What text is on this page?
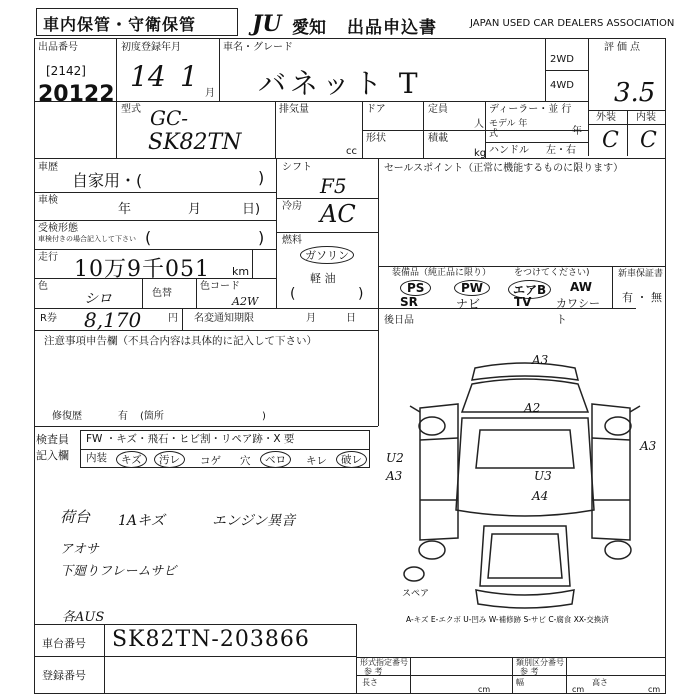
車内保管・守衛保管	JU 愛知 出品申込書	JAPAN USED CAR DEALERS ASSOCIATION
出品番号
[2142]
20122
初度登録年月
14 1
月
車名・グレード
バネット T
2WD
4WD
評価点
3.5
外装 内装
C C
型式 GC-
SK82TN
排気量
cc
ドア
形状
定員
人
積載
kg
ディーラー・並 行
モデル 年式	年
ハンドル 左・右
車歴
自家用・(	)
車検
年	月	日)
受検形態
車検付きの場合記入して下さい (	)
走行 10万9千051 km
色
シロ	色替
色コード
A2W
シフト
F5
冷房 AC
燃料
ガソリン
軽 油
(	)
セールスポイント（正常に機能するものに限ります）
装備品（純正品に限り）	をつけてください)
PS	PW	エアB	AW
SR	ナビ	TV カワシート
新車保証書
有 ・ 無
R券 8,170	円 名変通知期限	月	日	後日品
注意事項申告欄（不具合内容は具体的に記入して下さい）
修復歴	有 (箇所	)
検査員
記入欄
FW ・キズ・飛石・ヒビ割・リペア跡・X 要
内装	キズ	汚レ	コゲ 穴	ベロ	キレ	破レ
荷台 1Aキズ	エンジン異音
アオサ
下廻りフレームサビ
各AUS
車台番号 SK82TN-203866
登録番号
形式指定番号
参 考
類別区分番号
参 考
長さ
cm
幅
cm
高さ
cm
A3
A2
U2
A3	U3
A4
A3
スペア
A-キズ E-エクボ U-凹み W-補修跡 S-サビ C-腐食 XX-交換済
